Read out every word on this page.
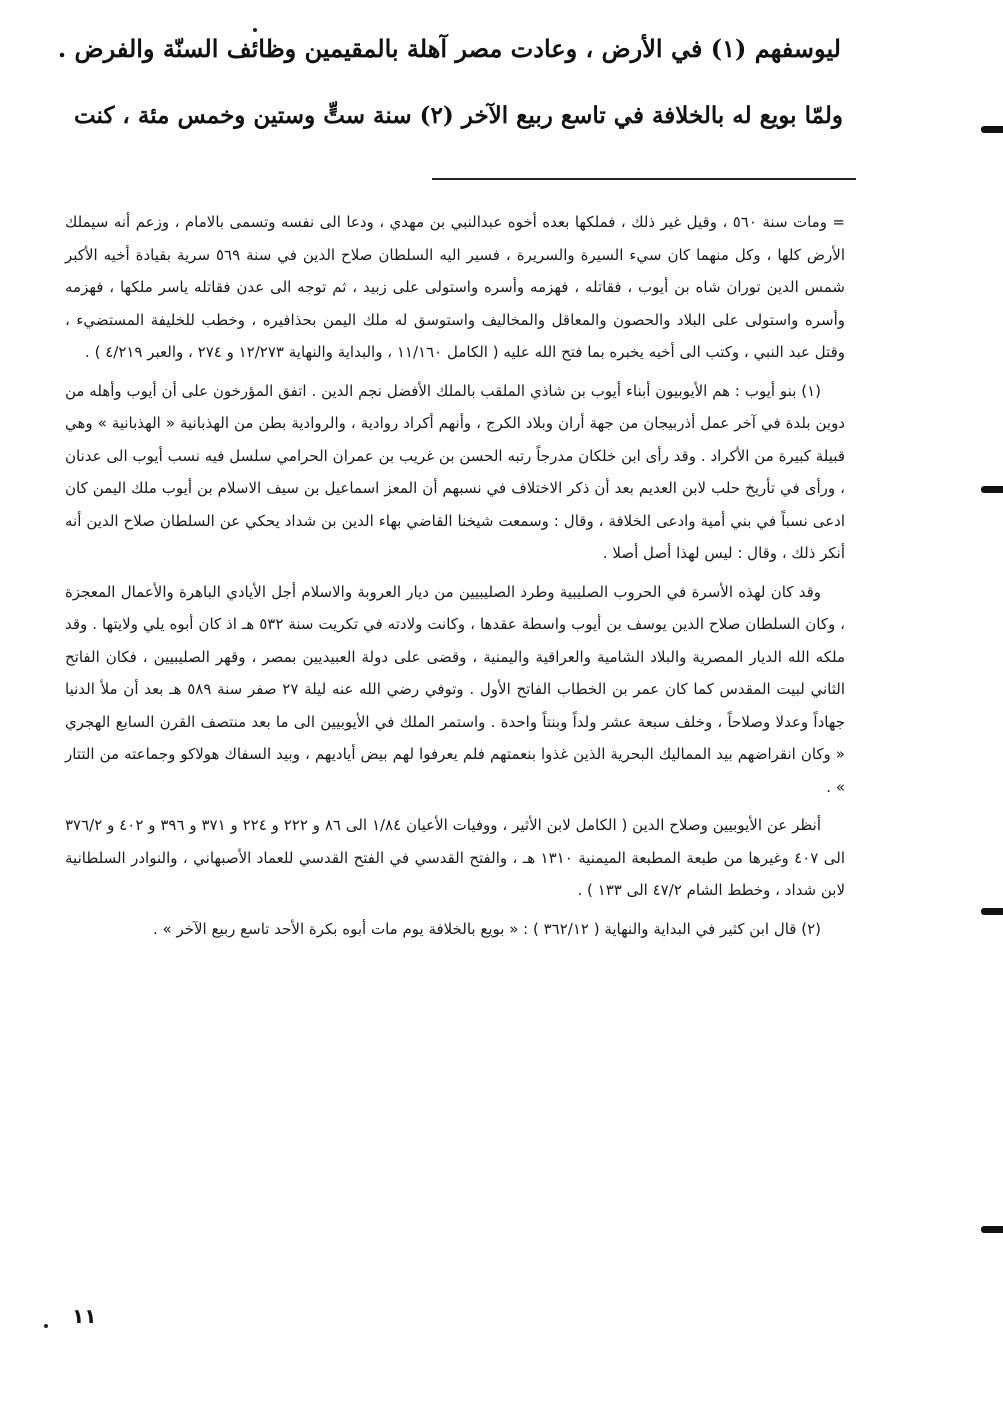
ليوسفهم (١) في الأرض ، وعادت مصر آهلة بالمقيمين وظائف السنّة والفرض .
ولمّا بويع له بالخلافة في تاسع ربيع الآخر (٢) سنة ستٍّ وستين وخمس مئة ، كنت

= ومات سنة ٥٦٠ ، وقيل غير ذلك ، فملكها بعده أخوه عبدالنبي بن مهدي ، ودعا الى نفسه وتسمى بالامام ، وزعم أنه سيملك الأرض كلها ، وكل منهما كان سيء السيرة والسريرة ، فسير اليه السلطان صلاح الدين في سنة ٥٦٩ سرية بقيادة أخيه الأكبر شمس الدين توران شاه بن أيوب ، فقاتله ، فهزمه وأسره واستولى على زبيد ، ثم توجه الى عدن فقاتله ياسر ملكها ، فهزمه وأسره واستولى على البلاد والحصون والمعاقل والمخاليف واستوسق له ملك اليمن بحذافيره ، وخطب للخليفة المستضيء ، وقتل عبد النبي ، وكتب الى أخيه يخبره بما فتح الله عليه ( الكامل ١١/١٦٠ ، والبداية والنهاية ١٢/٢٧٣ و ٢٧٤ ، والعبر ٤/٢١٩ ) .

(١) بنو أيوب : هم الأيوبيون أبناء أيوب بن شاذي الملقب بالملك الأفضل نجم الدين . اتفق المؤرخون على أن أيوب وأهله من دوين بلدة في آخر عمل أذربيجان من جهة أران وبلاد الكرج ، وأنهم أكراد روادية ، والروادية بطن من الهذبانية « الهذبانية » وهي قبيلة كبيرة من الأكراد . وقد رأى ابن خلكان مدرجاً رتبه الحسن بن غريب بن عمران الحرامي سلسل فيه نسب أيوب الى عدنان ، ورأى في تأريخ حلب لابن العديم بعد أن ذكر الاختلاف في نسبهم أن المعز اسماعيل بن سيف الاسلام بن أيوب ملك اليمن كان ادعى نسباً في بني أمية وادعى الخلافة ، وقال : وسمعت شيخنا القاضي بهاء الدين بن شداد يحكي عن السلطان صلاح الدين أنه أنكر ذلك ، وقال : ليس لهذا أصل أصلا .

وقد كان لهذه الأسرة في الحروب الصليبية وطرد الصليبيين من ديار العروبة والاسلام أجل الأيادي الباهرة والأعمال المعجزة ، وكان السلطان صلاح الدين يوسف بن أيوب واسطة عقدها ، وكانت ولادته في تكريت سنة ٥٣٢ هـ اذ كان أبوه يلي ولايتها . وقد ملكه الله الديار المصرية والبلاد الشامية والعراقية واليمنية ، وقضى على دولة العبيديين بمصر ، وقهر الصليبيين ، فكان الفاتح الثاني لبيت المقدس كما كان عمر بن الخطاب الفاتح الأول . وتوفي رضي الله عنه ليلة ٢٧ صفر سنة ٥٨٩ هـ بعد أن ملأ الدنيا جهاداً وعدلا وصلاحاً ، وخلف سبعة عشر ولداً وبنتاً واحدة . واستمر الملك في الأيوبيين الى ما بعد منتصف القرن السابع الهجري « وكان انقراضهم بيد المماليك البحرية الذين غذوا بنعمتهم فلم يعرفوا لهم بيض أياديهم ، وبيد السفاك هولاكو وجماعته من التتار » .

أنظر عن الأيوبيين وصلاح الدين ( الكامل لابن الأثير ، ووفيات الأعيان ١/٨٤ الى ٨٦ و ٢٢٢ و ٢٢٤ و ٣٧١ و ٣٩٦ و ٤٠٢ و ٣٧٦/٢ الى ٤٠٧ وغيرها من طبعة المطبعة الميمنية ١٣١٠ هـ ، والفتح القدسي في الفتح القدسي للعماد الأصبهاني ، والنوادر السلطانية لابن شداد ، وخطط الشام ٤٧/٢ الى ١٣٣ ) .

(٢) قال ابن كثير في البداية والنهاية ( ٣٦٢/١٢ ) : « بويع بالخلافة يوم مات أبوه بكرة الأحد تاسع ربيع الآخر » .

١١
